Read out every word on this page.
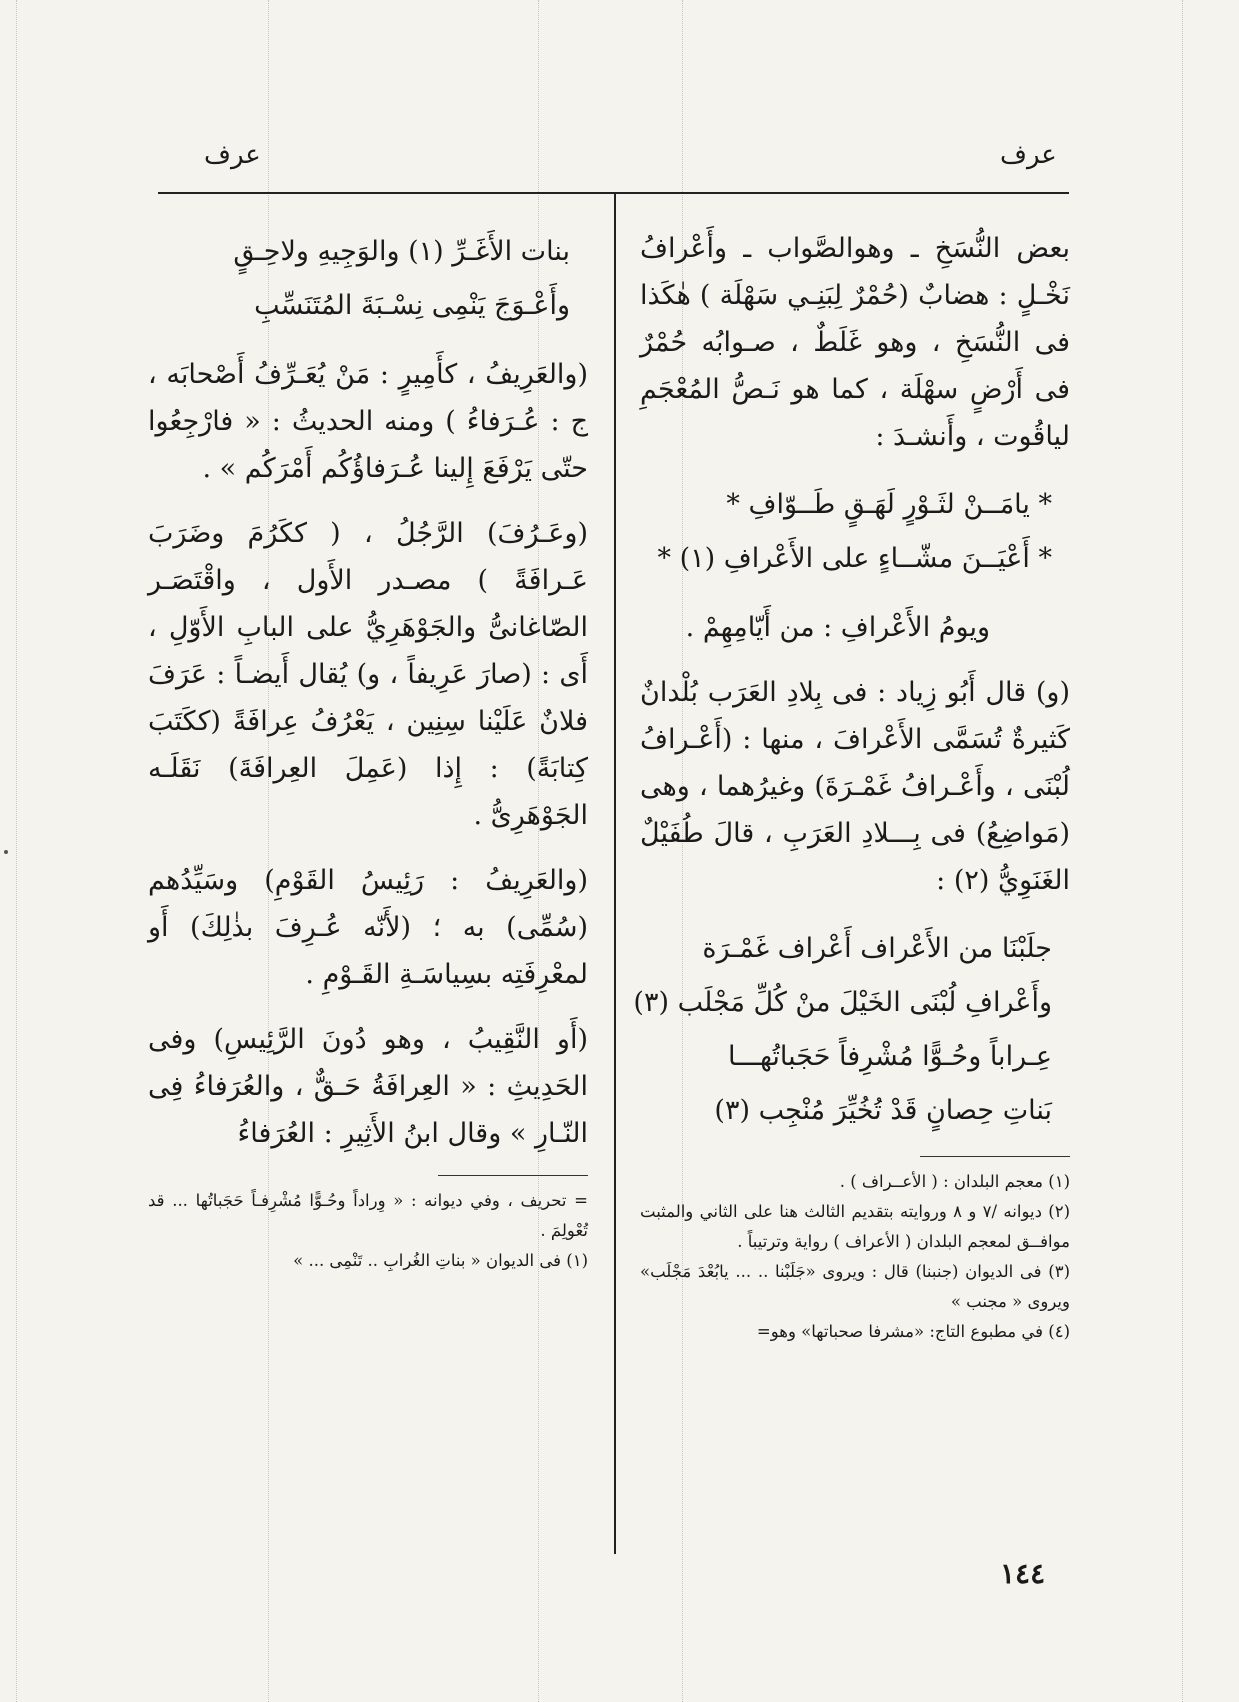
عرف
عرف

بعض النُّسَخِ ـ وهوالصَّواب ـ وأَعْرافُ نَخْـلٍ : هضابٌ (حُمْرٌ لِبَنِـي سَهْلَة ) هٰكَذا فى النُّسَخِ ، وهو غَلَطٌ ، صـوابُه حُمْرٌ فى أَرْضٍ سهْلَة ، كما هو نَـصُّ المُعْجَمِ لياقُوت ، وأَنشـدَ :

* يامَــنْ لثَـوْرٍ لَهَـقٍ طَــوّافِ *
* أَعْيَــنَ مشّــاءٍ على الأَعْرافِ (١) *

ويومُ الأَعْرافِ : من أَيّامِهِمْ .

(و) قال أَبُو زِياد : فى بِلادِ العَرَب بُلْدانٌ كَثيرةٌ تُسَمَّى الأَعْرافَ ، منها : (أَعْـرافُ لُبْنَى ، وأَعْـرافُ غَمْـرَةَ) وغيرُهما ، وهى (مَواضِعُ) فى بِـــلادِ العَرَبِ ، قالَ طُفَيْلٌ الغَنَوِيُّ (٢) :

جلَبْنَا من الأَعْراف أَعْراف غَمْـرَة
وأَعْرافِ لُبْنَى الخَيْلَ منْ كُلِّ مَجْلَب (٣)
عِـراباً وحُـوًّا مُشْرِفاً حَجَباتُهـــا
بَناتِ حِصانٍ قَدْ تُخُيِّرَ مُنْجِب (٣)

(١) معجم البلدان : ( الأعــراف ) .

(٢) ديوانه /٧ و ٨ وروايته بتقديم الثالث هنا على الثاني والمثبت موافــق لمعجم البلدان ( الأعراف ) رواية وترتيباً .

(٣) فى الديوان (جنبنا) قال : ويروى «جَلَبْنا .. ... يابُعْدَ مَجْلَب» ويروى « مجنب »

(٤) في مطبوع التاج: «مشرفا صحباتها» وهو=

بنات الأَغَـرِّ (١) والوَجِيهِ ولاحِـقٍ
وأَعْـوَجَ يَنْمِى نِسْـبَةَ المُتَنَسِّبِ

(والعَرِيفُ ، كأَمِيرٍ : مَنْ يُعَـرِّفُ أَصْحابَه ، ج : عُـرَفاءُ ) ومنه الحديثُ : « فارْجِعُوا حتّى يَرْفَعَ إِلينا عُـرَفاؤُكُم أَمْرَكُم » .

(وعَـرُفَ) الرَّجُلُ ، ( ككَرُمَ وضَرَبَ عَـرافَةً ) مصـدر الأَول ، واقْتَصَـر الصّاغانىُّ والجَوْهَرِيُّ على البابِ الأَوّلِ ، أَى : (صارَ عَرِيفاً ، و) يُقال أَيضـاً : عَرَفَ فلانٌ عَلَيْنا سِنِين ، يَعْرُفُ عِرافَةً (ككَتَبَ كِتابَةً) : إِذا (عَمِلَ العِرافَةَ) نَقَلَـه الجَوْهَرِىُّ .

(والعَرِيفُ : رَئِيسُ القَوْمِ) وسَيِّدُهم (سُمِّى) به ؛ (لأَنّه عُـرِفَ بذٰلِكَ) أَو لمعْرِفَتِه بسِياسَـةِ القَـوْمِ .

(أَو النَّقِيبُ ، وهو دُونَ الرَّئِيسِ) وفى الحَدِيثِ : « العِرافَةُ حَـقٌّ ، والعُرَفاءُ فِى النّـارِ » وقال ابنُ الأَثِيرِ : العُرَفاءُ

= تحريف ، وفي ديوانه : « وِراداً وحُـوًّا مُشْرِفـاً حَجَباتُها ... قد تُعْولِمَ .

(١) فى الديوان « بناتِ الغُرابِ .. تَنْمِى ... »

١٤٤
